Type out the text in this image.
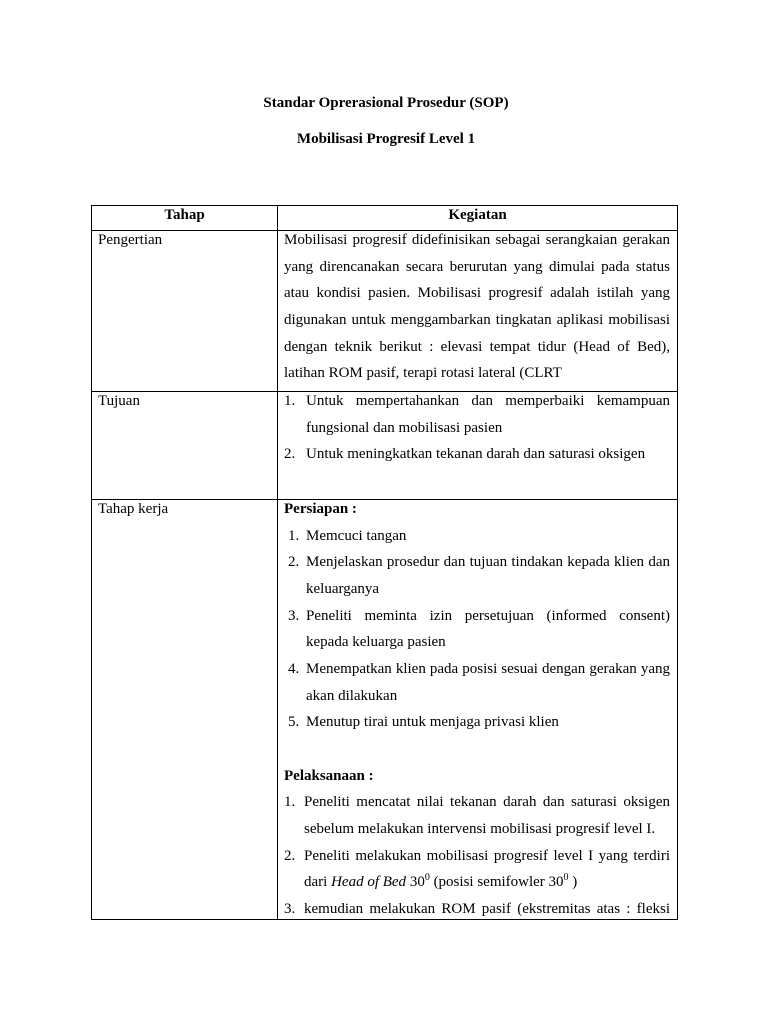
Standar Oprerasional Prosedur (SOP)
Mobilisasi Progresif Level 1
Tahap	Kegiatan
Pengertian	Mobilisasi progresif didefinisikan sebagai serangkaian gerakan yang direncanakan secara berurutan yang dimulai pada status atau kondisi pasien. Mobilisasi progresif adalah istilah yang digunakan untuk menggambarkan tingkatan aplikasi mobilisasi dengan teknik berikut : elevasi tempat tidur (Head of Bed), latihan ROM pasif, terapi rotasi lateral (CLRT
Tujuan	1. Untuk mempertahankan dan memperbaiki kemampuan fungsional dan mobilisasi pasien
2. Untuk meningkatkan tekanan darah dan saturasi oksigen
Tahap kerja	Persiapan :
1. Memcuci tangan
2. Menjelaskan prosedur dan tujuan tindakan kepada klien dan keluarganya
3. Peneliti meminta izin persetujuan (informed consent) kepada keluarga pasien
4. Menempatkan klien pada posisi sesuai dengan gerakan yang akan dilakukan
5. Menutup tirai untuk menjaga privasi klien
Pelaksanaan :
1. Peneliti mencatat nilai tekanan darah dan saturasi oksigen sebelum melakukan intervensi mobilisasi progresif level I.
2. Peneliti melakukan mobilisasi progresif level I yang terdiri dari Head of Bed $30^0$ (posisi semifowler $30^0$ )
3. kemudian melakukan ROM pasif (ekstremitas atas : fleksi
